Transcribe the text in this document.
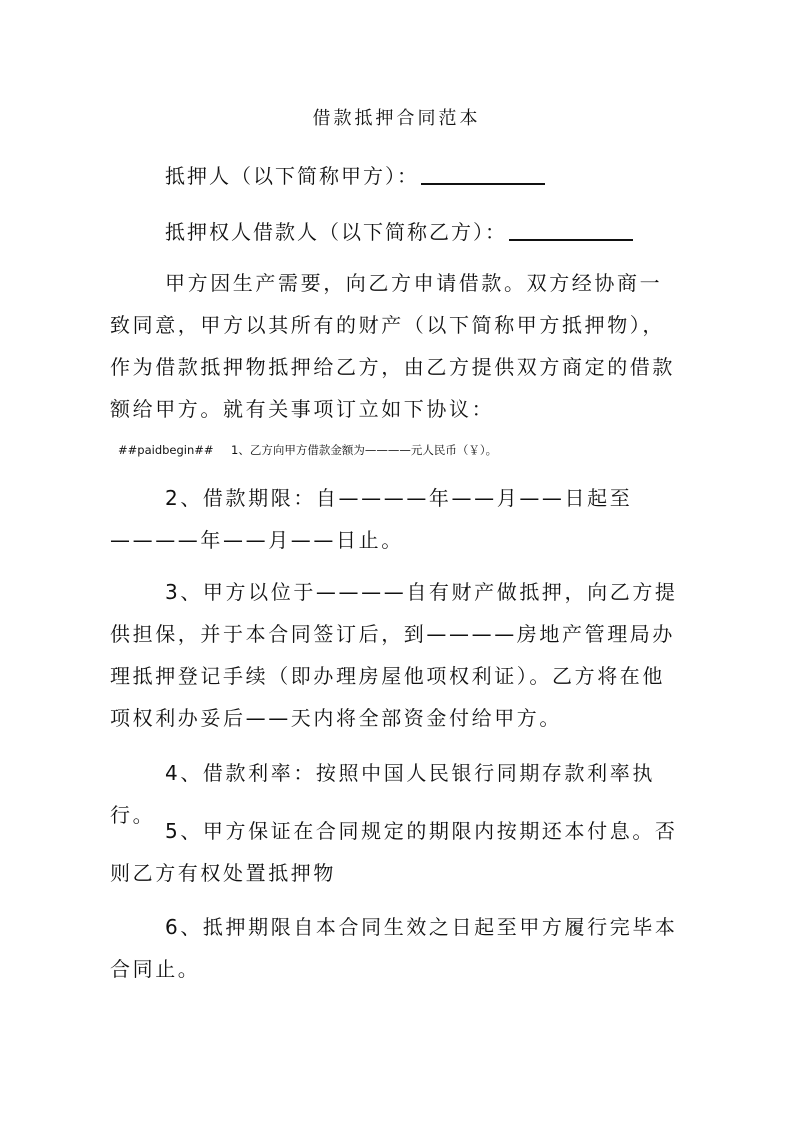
借款抵押合同范本
抵押人（以下简称甲方）：
抵押权人借款人（以下简称乙方）：
甲方因生产需要，向乙方申请借款。双方经协商一致同意，甲方以其所有的财产（以下简称甲方抵押物），作为借款抵押物抵押给乙方，由乙方提供双方商定的借款额给甲方。就有关事项订立如下协议：
##paidbegin## 1、乙方向甲方借款金额为————元人民币（￥）。
2、借款期限：自————年——月——日起至————年——月——日止。
3、甲方以位于————自有财产做抵押，向乙方提供担保，并于本合同签订后，到————房地产管理局办理抵押登记手续（即办理房屋他项权利证）。乙方将在他项权利办妥后——天内将全部资金付给甲方。
4、借款利率：按照中国人民银行同期存款利率执行。
5、甲方保证在合同规定的期限内按期还本付息。否则乙方有权处置抵押物
6、抵押期限自本合同生效之日起至甲方履行完毕本合同止。
